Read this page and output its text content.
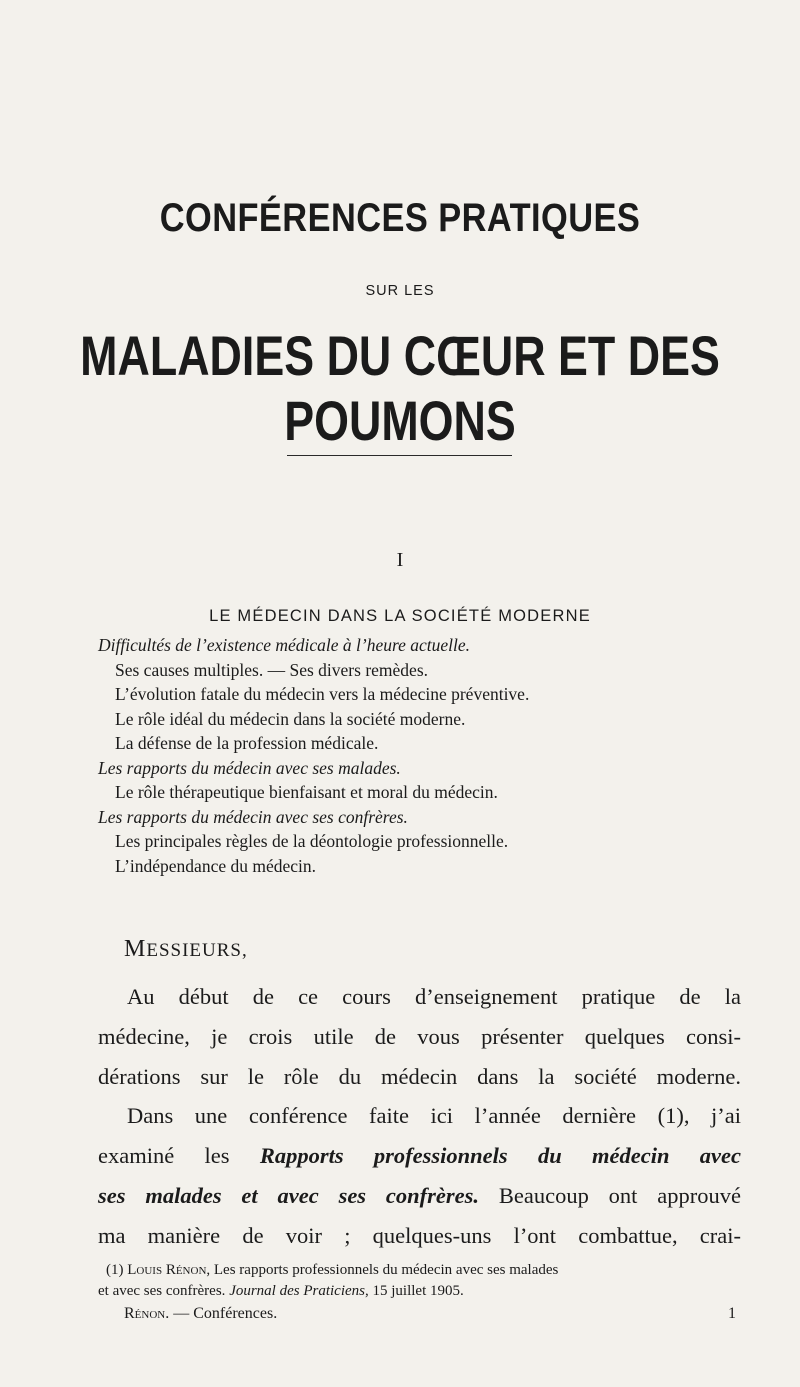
CONFÉRENCES PRATIQUES
SUR LES
MALADIES DU CŒUR ET DES POUMONS
I
LE MÉDECIN DANS LA SOCIÉTÉ MODERNE
Difficultés de l’existence médicale à l’heure actuelle.
Ses causes multiples. — Ses divers remèdes.
L’évolution fatale du médecin vers la médecine préventive.
Le rôle idéal du médecin dans la société moderne.
La défense de la profession médicale.
Les rapports du médecin avec ses malades.
Le rôle thérapeutique bienfaisant et moral du médecin.
Les rapports du médecin avec ses confrères.
Les principales règles de la déontologie professionnelle.
L’indépendance du médecin.
MESSIEURS,
Au début de ce cours d’enseignement pratique de la
médecine, je crois utile de vous présenter quelques consi-
dérations sur le rôle du médecin dans la société moderne.
Dans une conférence faite ici l’année dernière (1), j’ai
examiné les Rapports professionnels du médecin avec
ses malades et avec ses confrères. Beaucoup ont approuvé
ma manière de voir ; quelques-uns l’ont combattue, crai-
(1) Louis Rénon, Les rapports professionnels du médecin avec ses malades
et avec ses confrères. Journal des Praticiens, 15 juillet 1905.
Rénon. — Conférences.	1
